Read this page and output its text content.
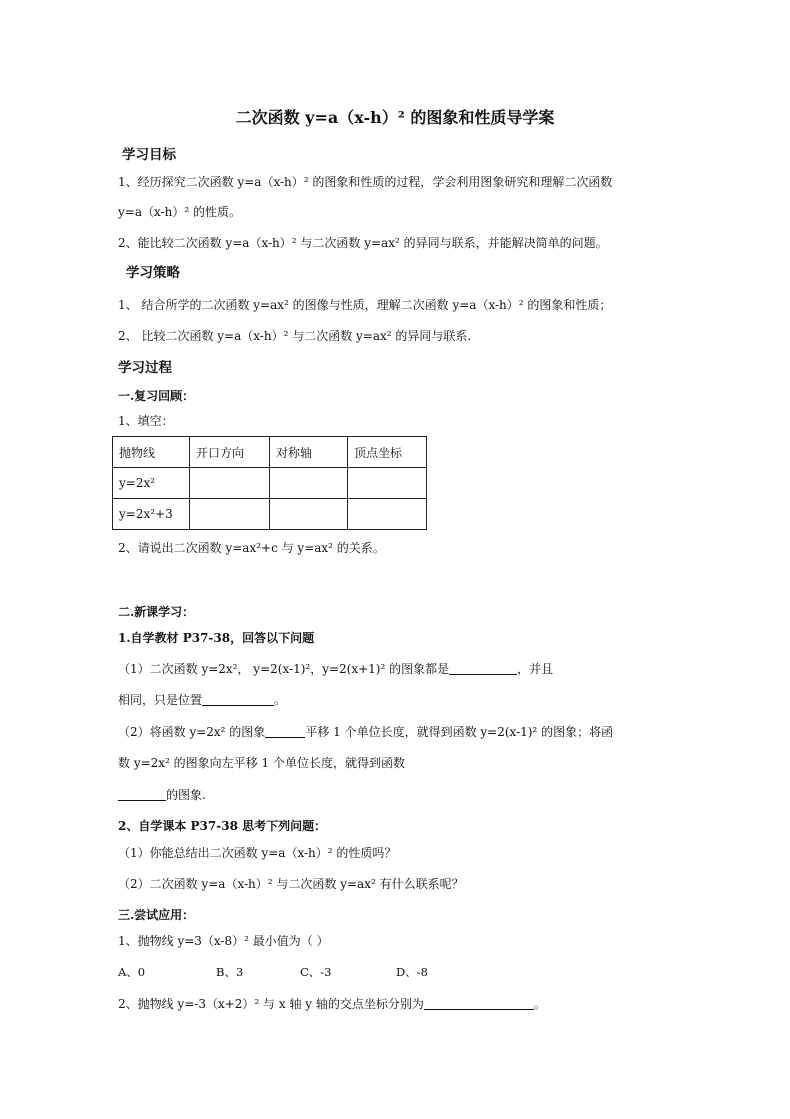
二次函数 y=a（x-h）² 的图象和性质导学案
学习目标
1、经历探究二次函数 y=a（x-h）² 的图象和性质的过程，学会利用图象研究和理解二次函数
y=a（x-h）² 的性质。
2、能比较二次函数 y=a（x-h）² 与二次函数 y=ax² 的异同与联系，并能解决简单的问题。
学习策略
1、 结合所学的二次函数 y=ax² 的图像与性质，理解二次函数 y=a（x-h）² 的图象和性质；
2、 比较二次函数 y=a（x-h）² 与二次函数 y=ax² 的异同与联系.
学习过程
一.复习回顾：
1、填空：
抛物线	开口方向	对称轴	顶点坐标
y=2x²			
y=2x²+3			
2、请说出二次函数 y=ax²+c 与 y=ax² 的关系。
二.新课学习：
1.自学教材 P37-38，回答以下问题
（1）二次函数 y=2x²， y=2(x-1)²，y=2(x+1)² 的图象都是	，并且
相同，只是位置	。
（2）将函数 y=2x² 的图象	平移 1 个单位长度，就得到函数 y=2(x-1)² 的图象；将函
数 y=2x² 的图象向左平移 1 个单位长度，就得到函数
的图象.
2、自学课本 P37-38 思考下列问题：
（1）你能总结出二次函数 y=a（x-h）² 的性质吗？
（2）二次函数 y=a（x-h）² 与二次函数 y=ax² 有什么联系呢？
三.尝试应用：
1、抛物线 y=3（x-8）² 最小值为（ ）
A、0	B、3	C、-3	D、-8
2、抛物线 y=-3（x+2）² 与 x 轴 y 轴的交点坐标分别为	。
